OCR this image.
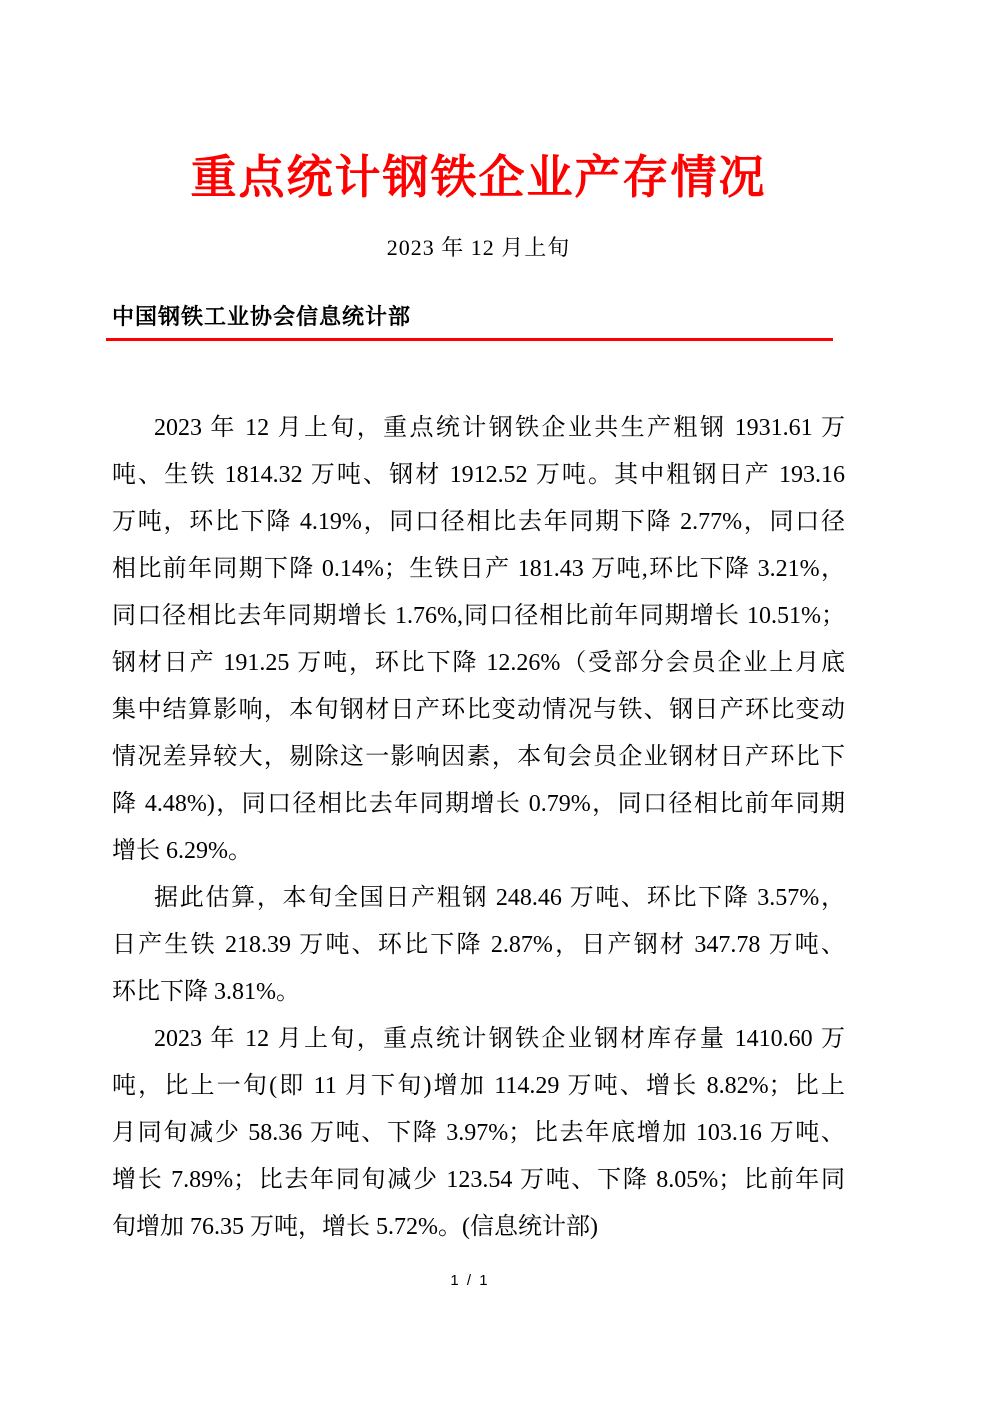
重点统计钢铁企业产存情况
2023 年 12 月上旬
中国钢铁工业协会信息统计部
2023 年 12 月上旬，重点统计钢铁企业共生产粗钢 1931.61 万
吨、生铁 1814.32 万吨、钢材 1912.52 万吨。其中粗钢日产 193.16
万吨，环比下降 4.19%，同口径相比去年同期下降 2.77%，同口径
相比前年同期下降 0.14%；生铁日产 181.43 万吨,环比下降 3.21%，
同口径相比去年同期增长 1.76%,同口径相比前年同期增长 10.51%；
钢材日产 191.25 万吨，环比下降 12.26%（受部分会员企业上月底
集中结算影响，本旬钢材日产环比变动情况与铁、钢日产环比变动
情况差异较大，剔除这一影响因素，本旬会员企业钢材日产环比下
降 4.48%)，同口径相比去年同期增长 0.79%，同口径相比前年同期
增长 6.29%。
据此估算，本旬全国日产粗钢 248.46 万吨、环比下降 3.57%，
日产生铁 218.39 万吨、环比下降 2.87%，日产钢材 347.78 万吨、
环比下降 3.81%。
2023 年 12 月上旬，重点统计钢铁企业钢材库存量 1410.60 万
吨，比上一旬(即 11 月下旬)增加 114.29 万吨、增长 8.82%；比上
月同旬减少 58.36 万吨、下降 3.97%；比去年底增加 103.16 万吨、
增长 7.89%；比去年同旬减少 123.54 万吨、下降 8.05%；比前年同
旬增加 76.35 万吨，增长 5.72%。(信息统计部)
1 / 1
